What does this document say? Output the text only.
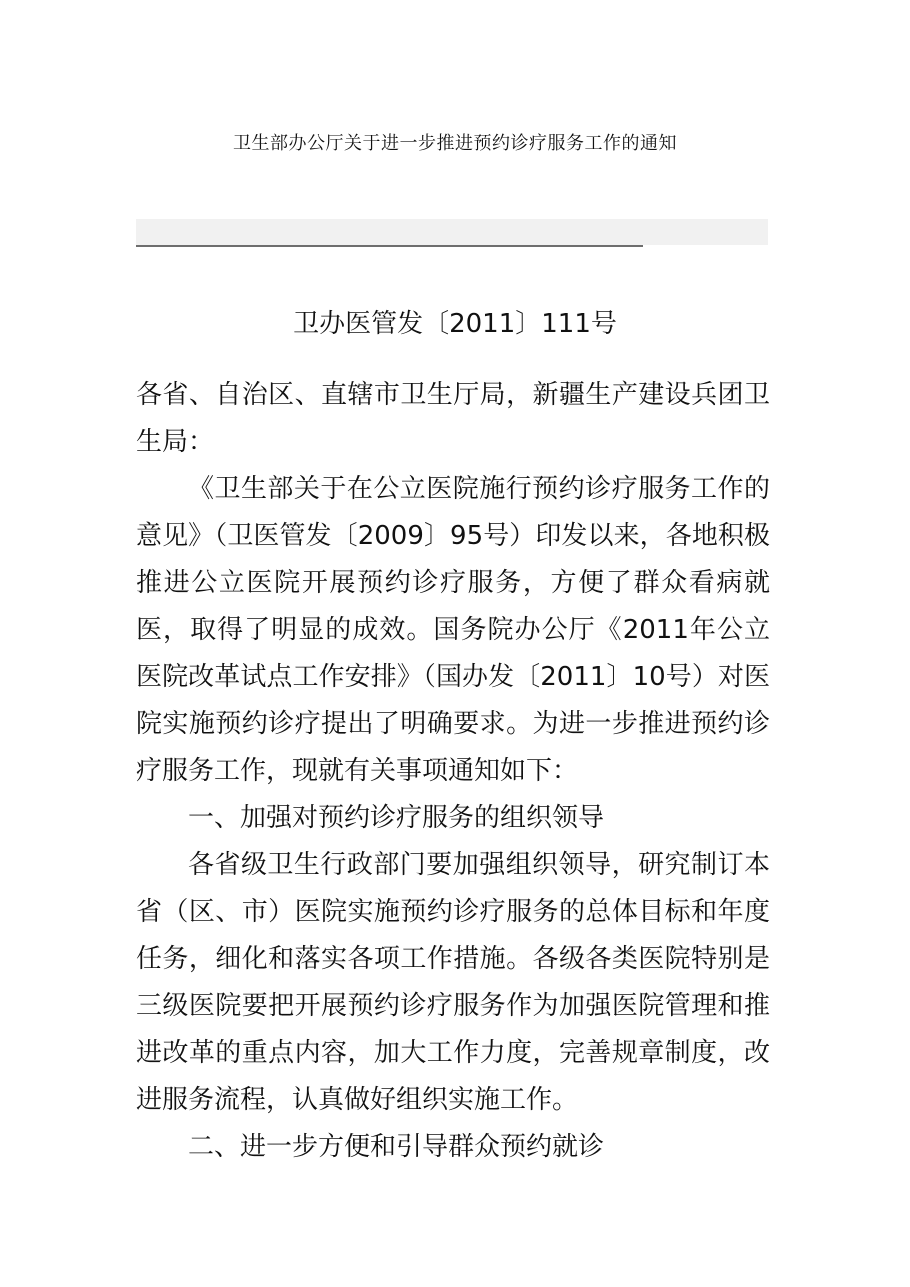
卫生部办公厅关于进一步推进预约诊疗服务工作的通知
卫办医管发〔2011〕111号

各省、自治区、直辖市卫生厅局，新疆生产建设兵团卫生局：

《卫生部关于在公立医院施行预约诊疗服务工作的意见》（卫医管发〔2009〕95号）印发以来，各地积极推进公立医院开展预约诊疗服务，方便了群众看病就医，取得了明显的成效。国务院办公厅《2011年公立医院改革试点工作安排》（国办发〔2011〕10号）对医院实施预约诊疗提出了明确要求。为进一步推进预约诊疗服务工作，现就有关事项通知如下：

一、加强对预约诊疗服务的组织领导

各省级卫生行政部门要加强组织领导，研究制订本省（区、市）医院实施预约诊疗服务的总体目标和年度任务，细化和落实各项工作措施。各级各类医院特别是三级医院要把开展预约诊疗服务作为加强医院管理和推进改革的重点内容，加大工作力度，完善规章制度，改进服务流程，认真做好组织实施工作。

二、进一步方便和引导群众预约就诊
